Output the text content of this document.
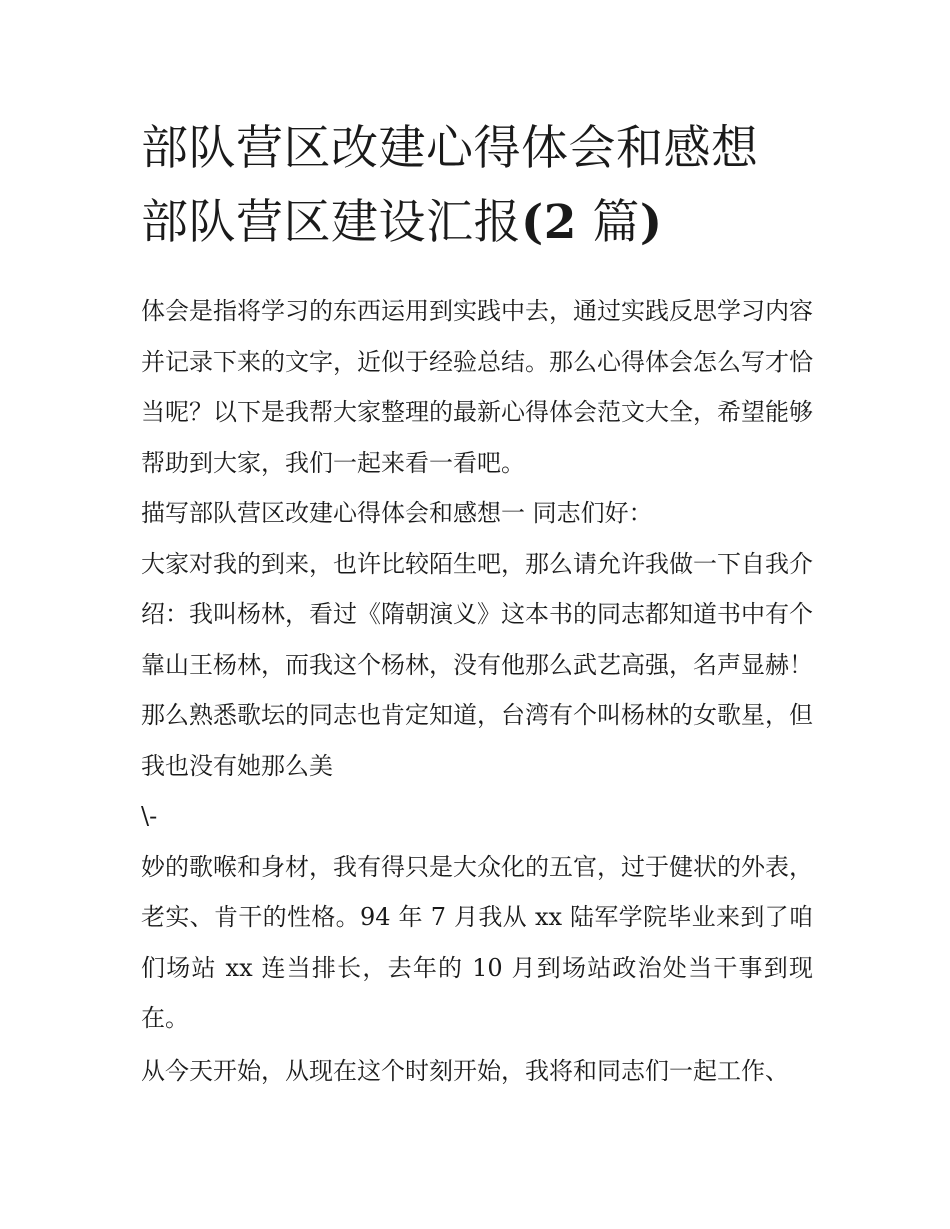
部队营区改建心得体会和感想
部队营区建设汇报(2 篇)

体会是指将学习的东西运用到实践中去，通过实践反思学习内容并记录下来的文字，近似于经验总结。那么心得体会怎么写才恰当呢？以下是我帮大家整理的最新心得体会范文大全，希望能够帮助到大家，我们一起来看一看吧。

描写部队营区改建心得体会和感想一 同志们好：

大家对我的到来，也许比较陌生吧，那么请允许我做一下自我介绍：我叫杨林，看过《隋朝演义》这本书的同志都知道书中有个靠山王杨林，而我这个杨林，没有他那么武艺高强，名声显赫！那么熟悉歌坛的同志也肯定知道，台湾有个叫杨林的女歌星，但我也没有她那么美

\-

妙的歌喉和身材，我有得只是大众化的五官，过于健状的外表，老实、肯干的性格。94 年 7 月我从 xx 陆军学院毕业来到了咱们场站 xx 连当排长，去年的 10 月到场站政治处当干事到现在。

从今天开始，从现在这个时刻开始，我将和同志们一起工作、
